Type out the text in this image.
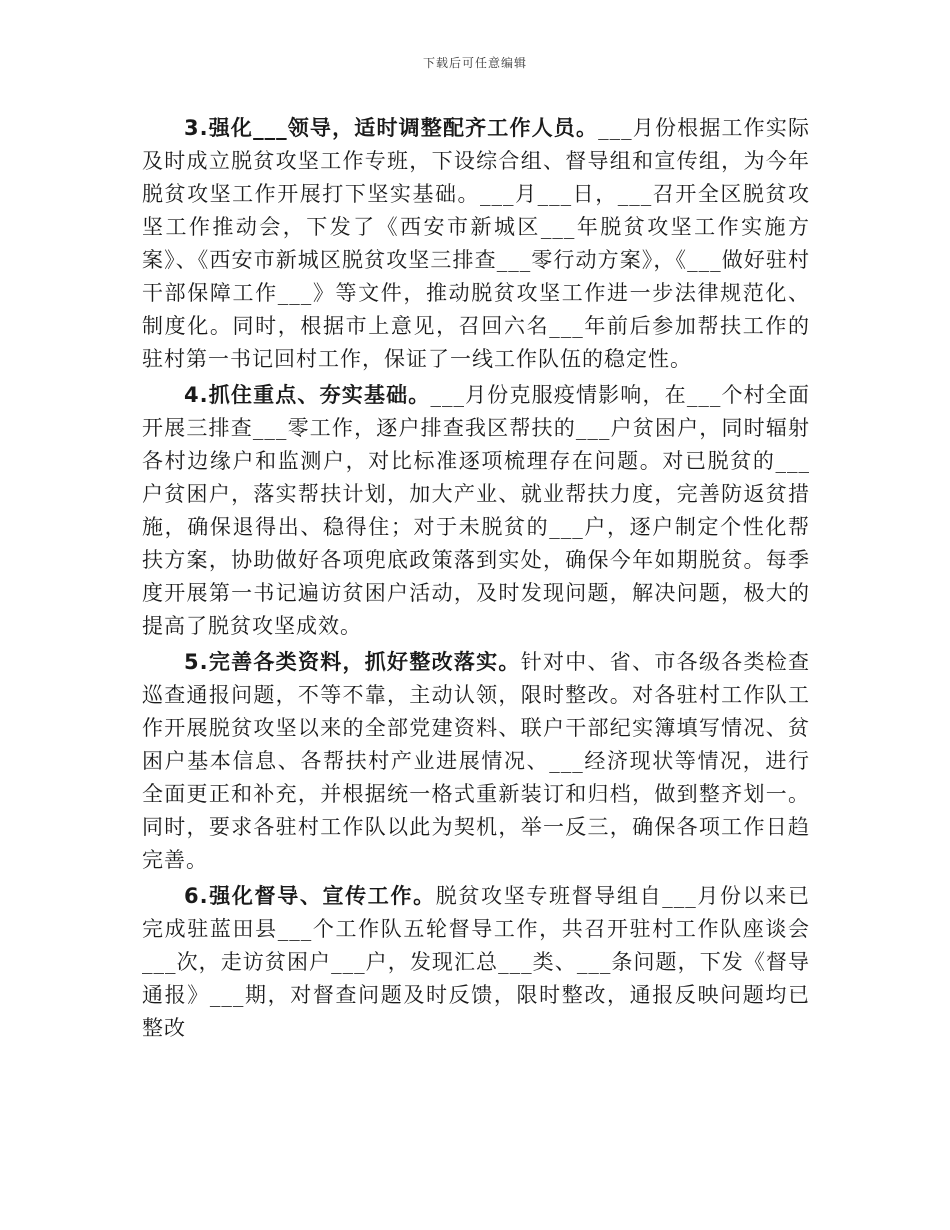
下载后可任意编辑

3.强化___领导，适时调整配齐工作人员。___月份根据工作实际及时成立脱贫攻坚工作专班，下设综合组、督导组和宣传组，为今年脱贫攻坚工作开展打下坚实基础。___月___日，___召开全区脱贫攻坚工作推动会，下发了《西安市新城区___年脱贫攻坚工作实施方案》、《西安市新城区脱贫攻坚三排查___零行动方案》，《___做好驻村干部保障工作___》等文件，推动脱贫攻坚工作进一步法律规范化、制度化。同时，根据市上意见，召回六名___年前后参加帮扶工作的驻村第一书记回村工作，保证了一线工作队伍的稳定性。

4.抓住重点、夯实基础。___月份克服疫情影响，在___个村全面开展三排查___零工作，逐户排查我区帮扶的___户贫困户，同时辐射各村边缘户和监测户，对比标准逐项梳理存在问题。对已脱贫的___户贫困户，落实帮扶计划，加大产业、就业帮扶力度，完善防返贫措施，确保退得出、稳得住；对于未脱贫的___户，逐户制定个性化帮扶方案，协助做好各项兜底政策落到实处，确保今年如期脱贫。每季度开展第一书记遍访贫困户活动，及时发现问题，解决问题，极大的提高了脱贫攻坚成效。

5.完善各类资料，抓好整改落实。针对中、省、市各级各类检查巡查通报问题，不等不靠，主动认领，限时整改。对各驻村工作队工作开展脱贫攻坚以来的全部党建资料、联户干部纪实簿填写情况、贫困户基本信息、各帮扶村产业进展情况、___经济现状等情况，进行全面更正和补充，并根据统一格式重新装订和归档，做到整齐划一。同时，要求各驻村工作队以此为契机，举一反三，确保各项工作日趋完善。

6.强化督导、宣传工作。脱贫攻坚专班督导组自___月份以来已完成驻蓝田县___个工作队五轮督导工作，共召开驻村工作队座谈会___次，走访贫困户___户，发现汇总___类、___条问题，下发《督导通报》___期，对督查问题及时反馈，限时整改，通报反映问题均已整改
